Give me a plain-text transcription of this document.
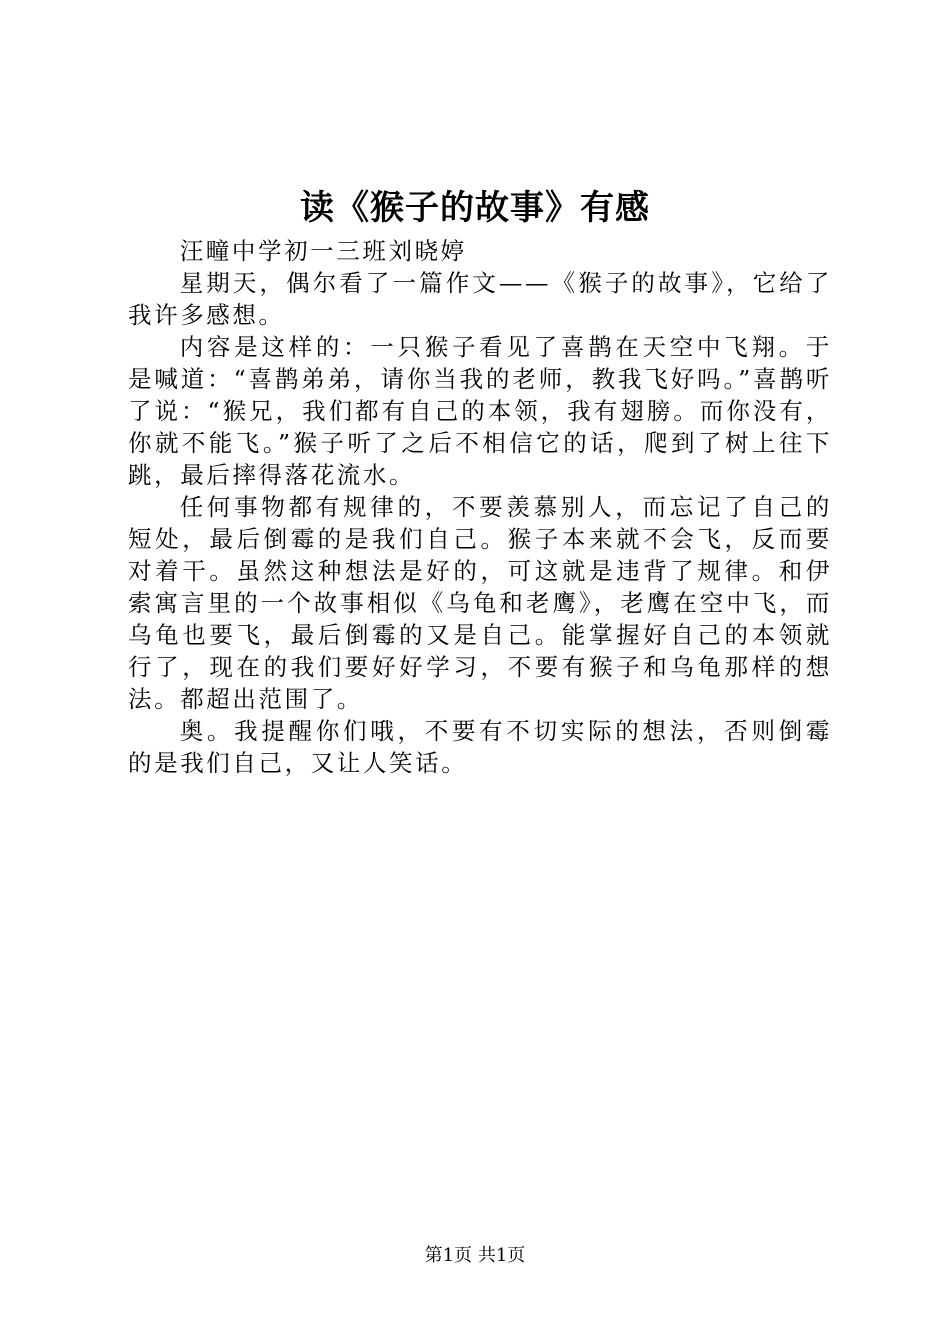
读《猴子的故事》有感

汪疃中学初一三班刘晓婷

星期天，偶尔看了一篇作文——《猴子的故事》，它给了我许多感想。

内容是这样的：一只猴子看见了喜鹊在天空中飞翔。于是喊道：“喜鹊弟弟，请你当我的老师，教我飞好吗。”喜鹊听了说：“猴兄，我们都有自己的本领，我有翅膀。而你没有，你就不能飞。”猴子听了之后不相信它的话，爬到了树上往下跳，最后摔得落花流水。

任何事物都有规律的，不要羡慕别人，而忘记了自己的短处，最后倒霉的是我们自己。猴子本来就不会飞，反而要对着干。虽然这种想法是好的，可这就是违背了规律。和伊索寓言里的一个故事相似《乌龟和老鹰》，老鹰在空中飞，而乌龟也要飞，最后倒霉的又是自己。能掌握好自己的本领就行了，现在的我们要好好学习，不要有猴子和乌龟那样的想法。都超出范围了。

奥。我提醒你们哦，不要有不切实际的想法，否则倒霉的是我们自己，又让人笑话。

第1页 共1页
